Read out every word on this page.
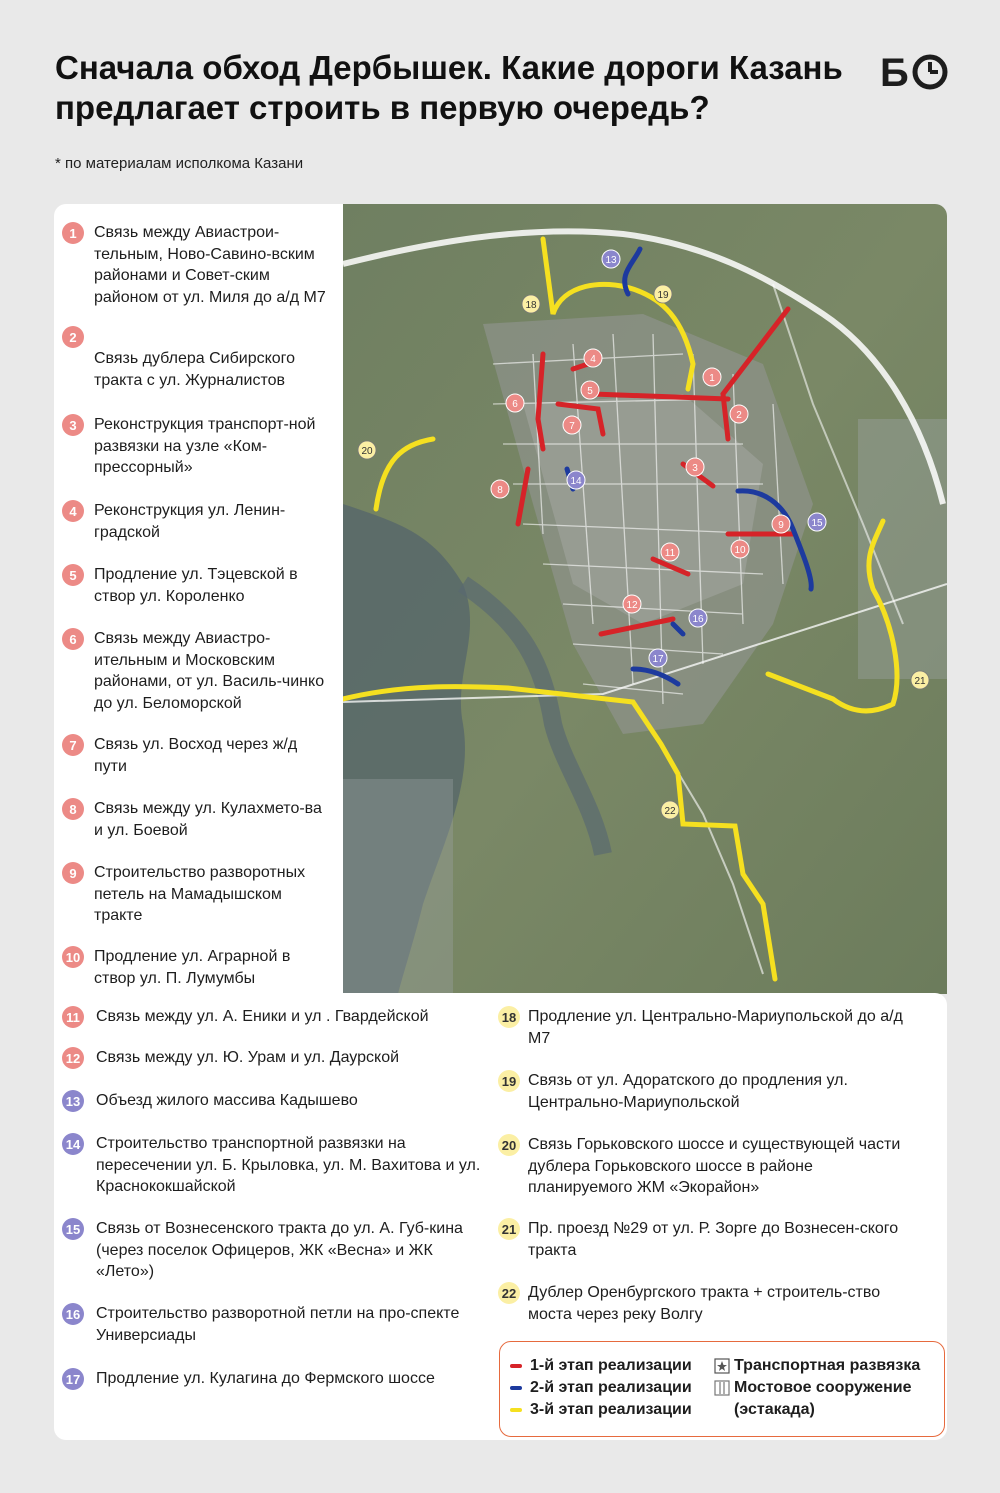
Сначала обход Дербышек. Какие дороги Казань предлагает строить в первую очередь?
Б
* по материалам исполкома Казани
1
2
3
4
5
6
7
8
9
10
11
12
13
14
15
16
17
18
19
20
21
22
1	Связь между Авиастрои-тельным, Ново-Савино-вским районами и Совет-ским районом от ул. Миля до а/д М7
2
Связь дублера Сибирского тракта с ул. Журналистов
3	Реконструкция транспорт-ной развязки на узле «Ком-прессорный»
4	Реконструкция ул. Ленин-градской
5	Продление ул. Тэцевской в створ ул. Короленко
6	Связь между Авиастро-ительным и Московским районами, от ул. Василь-чинко до ул. Беломорской
7	Связь ул. Восход через ж/д пути
8	Связь между ул. Кулахмето-ва и ул. Боевой
9	Строительство разворотных петель на Мамадышском тракте
10 Продление ул. Аграрной в створ ул. П. Лумумбы
11 Связь между ул. А. Еники и ул . Гвардейской
12 Связь между ул. Ю. Урам и ул. Даурской
13 Объезд жилого массива Кадышево
14 Строительство транспортной развязки на пересечении ул. Б. Крыловка, ул. М. Вахитова и ул. Краснококшайской
15 Связь от Вознесенского тракта до ул. А. Губ-кина (через поселок Офицеров, ЖК «Весна» и ЖК «Лето»)
16 Строительство разворотной петли на про-спекте Универсиады
17 Продление ул. Кулагина до Фермского шоссе
18 Продление ул. Центрально-Мариупольской до а/д М7
19 Связь от ул. Адоратского до продления ул. Центрально-Мариупольской
20 Связь Горьковского шоссе и существующей части дублера Горьковского шоссе в районе планируемого ЖМ «Экорайон»
21 Пр. проезд №29 от ул. Р. Зорге до Вознесен-ского тракта
22 Дублер Оренбургского тракта + строитель-ство моста через реку Волгу
1-й этап реализации
2-й этап реализации
3-й этап реализации
Транспортная развязка
Мостовое сооружение
(эстакада)
